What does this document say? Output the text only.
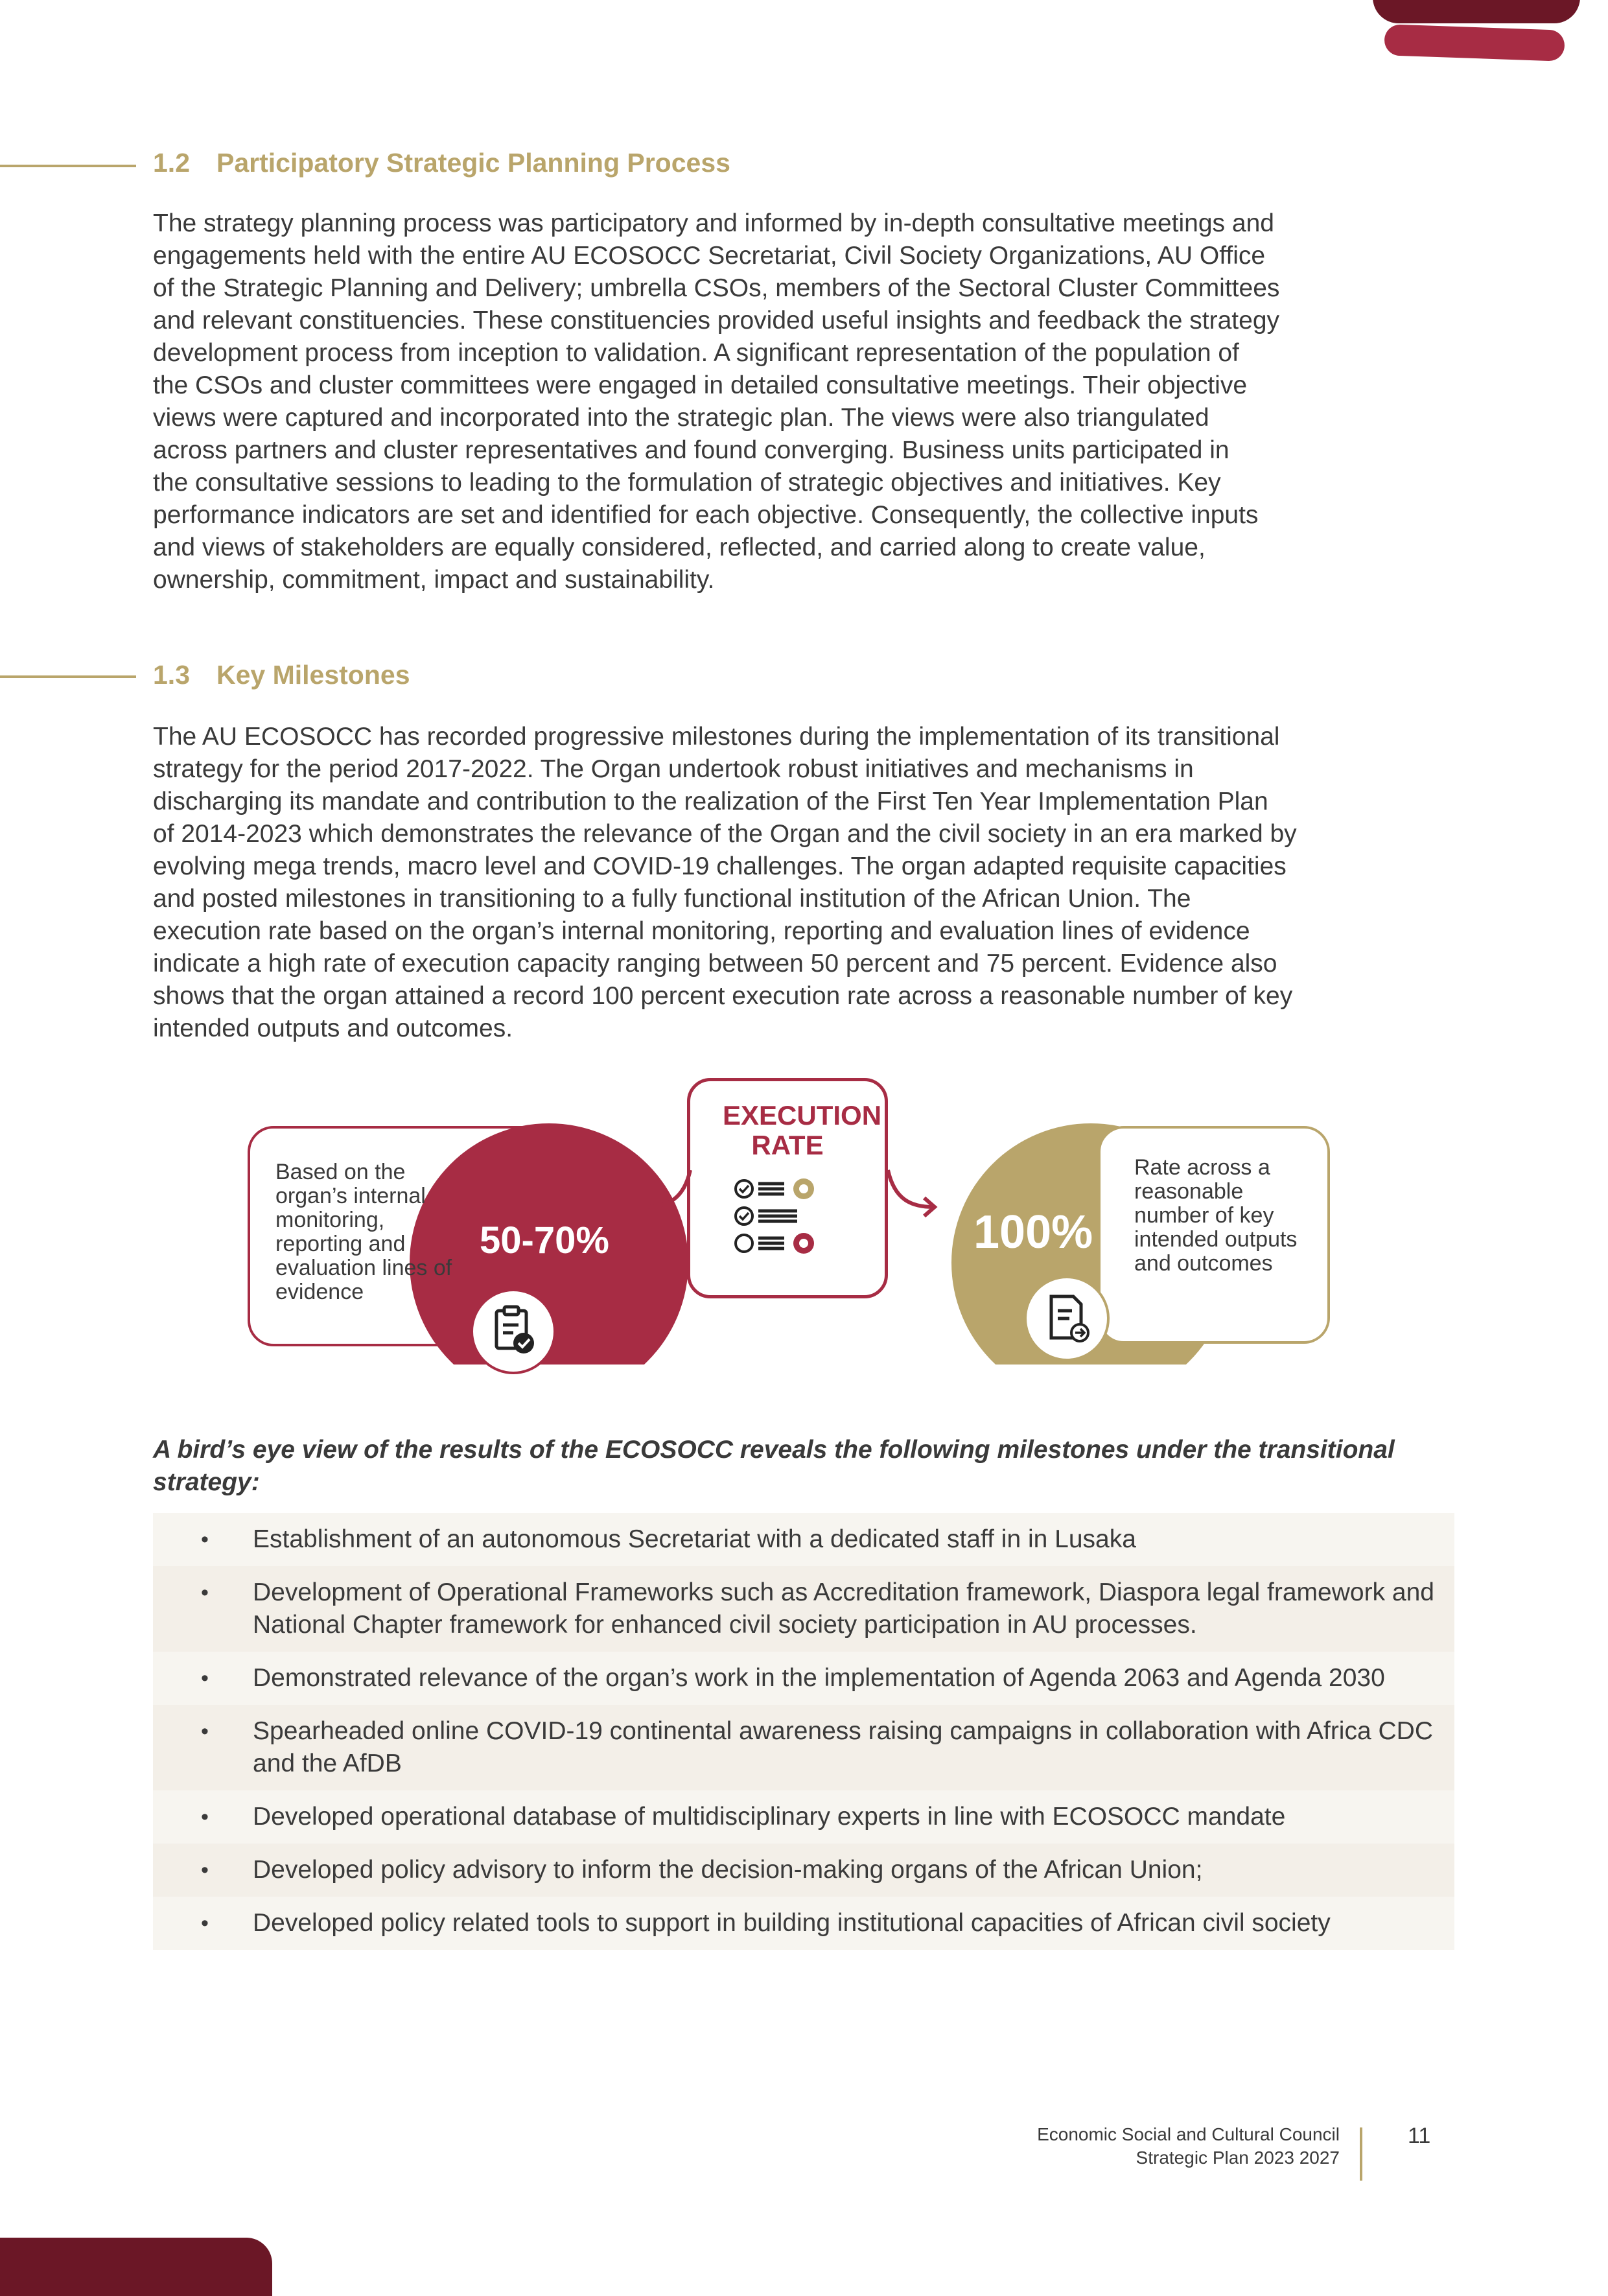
1.2 Participatory Strategic Planning Process
The strategy planning process was participatory and informed by in-depth consultative meetings and
engagements held with the entire AU ECOSOCC Secretariat, Civil Society Organizations, AU Office
of the Strategic Planning and Delivery; umbrella CSOs, members of the Sectoral Cluster Committees
and relevant constituencies. These constituencies provided useful insights and feedback the strategy
development process from inception to validation. A significant representation of the population of
the CSOs and cluster committees were engaged in detailed consultative meetings. Their objective
views were captured and incorporated into the strategic plan. The views were also triangulated
across partners and cluster representatives and found converging. Business units participated in
the consultative sessions to leading to the formulation of strategic objectives and initiatives. Key
performance indicators are set and identified for each objective. Consequently, the collective inputs
and views of stakeholders are equally considered, reflected, and carried along to create value,
ownership, commitment, impact and sustainability.
1.3 Key Milestones
The AU ECOSOCC has recorded progressive milestones during the implementation of its transitional
strategy for the period 2017-2022. The Organ undertook robust initiatives and mechanisms in
discharging its mandate and contribution to the realization of the First Ten Year Implementation Plan
of 2014-2023 which demonstrates the relevance of the Organ and the civil society in an era marked by
evolving mega trends, macro level and COVID-19 challenges. The organ adapted requisite capacities
and posted milestones in transitioning to a fully functional institution of the African Union. The
execution rate based on the organ’s internal monitoring, reporting and evaluation lines of evidence
indicate a high rate of execution capacity ranging between 50 percent and 75 percent. Evidence also
shows that the organ attained a record 100 percent execution rate across a reasonable number of key
intended outputs and outcomes.

Based on the organ’s internal monitoring, reporting and evaluation lines of evidence

50-70%

EXECUTION RATE

Rate across a reasonable number of key intended outputs and outcomes

100%

A bird’s eye view of the results of the ECOSOCC reveals the following milestones under the transitional strategy:

• Establishment of an autonomous Secretariat with a dedicated staff in in Lusaka
• Development of Operational Frameworks such as Accreditation framework, Diaspora legal framework and National Chapter framework for enhanced civil society participation in AU processes.
• Demonstrated relevance of the organ’s work in the implementation of Agenda 2063 and Agenda 2030
• Spearheaded online COVID-19 continental awareness raising campaigns in collaboration with Africa CDC and the AfDB
• Developed operational database of multidisciplinary experts in line with ECOSOCC mandate
• Developed policy advisory to inform the decision-making organs of the African Union;
• Developed policy related tools to support in building institutional capacities of African civil society

Economic Social and Cultural Council

Strategic Plan 2023 2027

11
